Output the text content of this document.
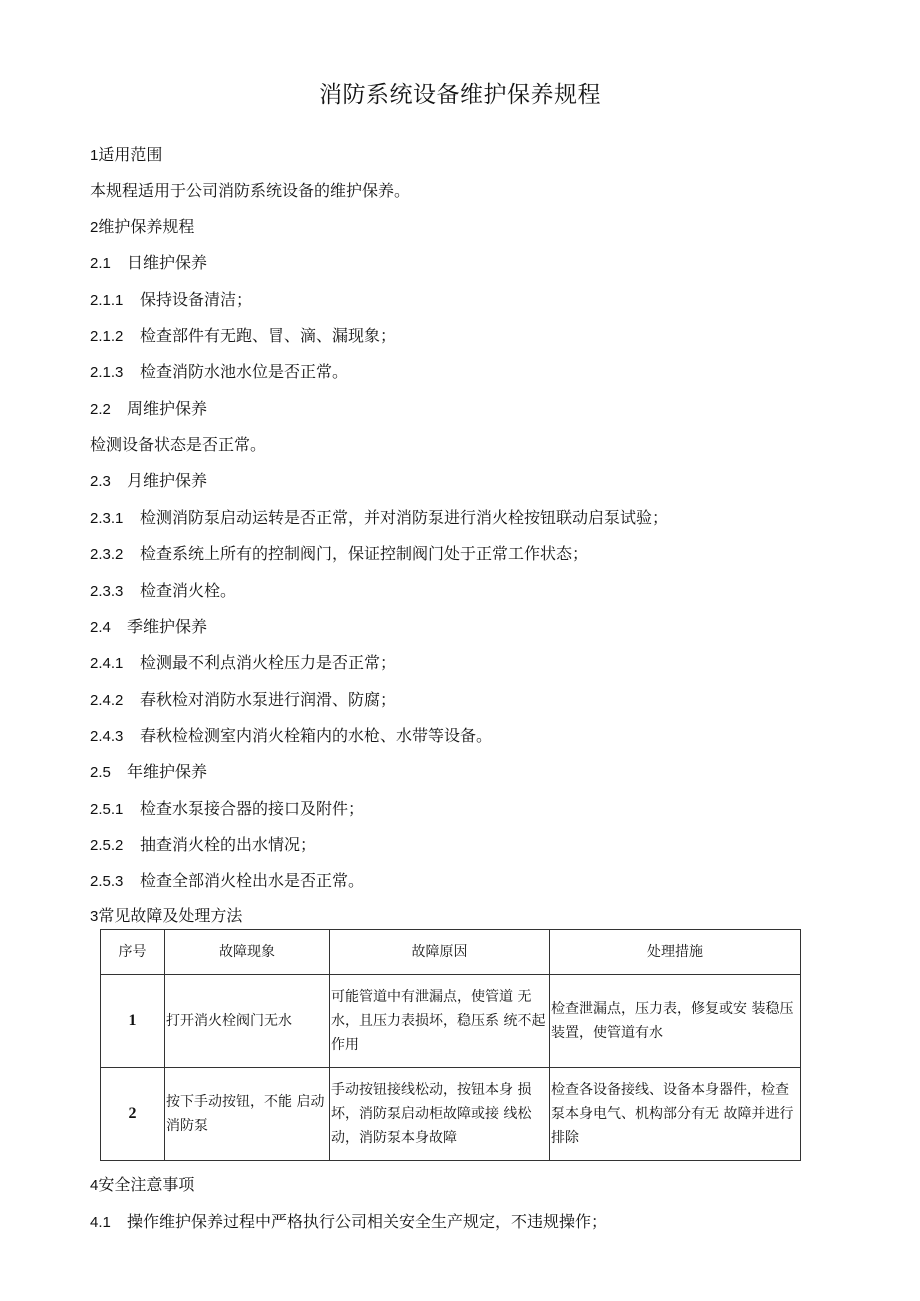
消防系统设备维护保养规程
1适用范围
本规程适用于公司消防系统设备的维护保养。
2维护保养规程
2.1 日维护保养
2.1.1 保持设备清洁；
2.1.2 检查部件有无跑、冒、滴、漏现象；
2.1.3 检查消防水池水位是否正常。
2.2 周维护保养
检测设备状态是否正常。
2.3 月维护保养
2.3.1 检测消防泵启动运转是否正常，并对消防泵进行消火栓按钮联动启泵试验；
2.3.2 检查系统上所有的控制阀门，保证控制阀门处于正常工作状态；
2.3.3 检查消火栓。
2.4 季维护保养
2.4.1 检测最不利点消火栓压力是否正常；
2.4.2 春秋检对消防水泵进行润滑、防腐；
2.4.3 春秋检检测室内消火栓箱内的水枪、水带等设备。
2.5 年维护保养
2.5.1 检查水泵接合器的接口及附件；
2.5.2 抽查消火栓的出水情况；
2.5.3 检查全部消火栓出水是否正常。
3常见故障及处理方法
序号	故障现象	故障原因	处理措施
1	打开消火栓阀门无水	可能管道中有泄漏点，使管道 无水，且压力表损坏，稳压系 统不起作用	检查泄漏点，压力表，修复或安 装稳压装置，使管道有水
2	按下手动按钮，不能 启动消防泵	手动按钮接线松动，按钮本身 损坏，消防泵启动柜故障或接 线松动，消防泵本身故障	检查各设备接线、设备本身器件，检查泵本身电气、机构部分有无 故障并进行排除
4安全注意事项
4.1 操作维护保养过程中严格执行公司相关安全生产规定，不违规操作；
